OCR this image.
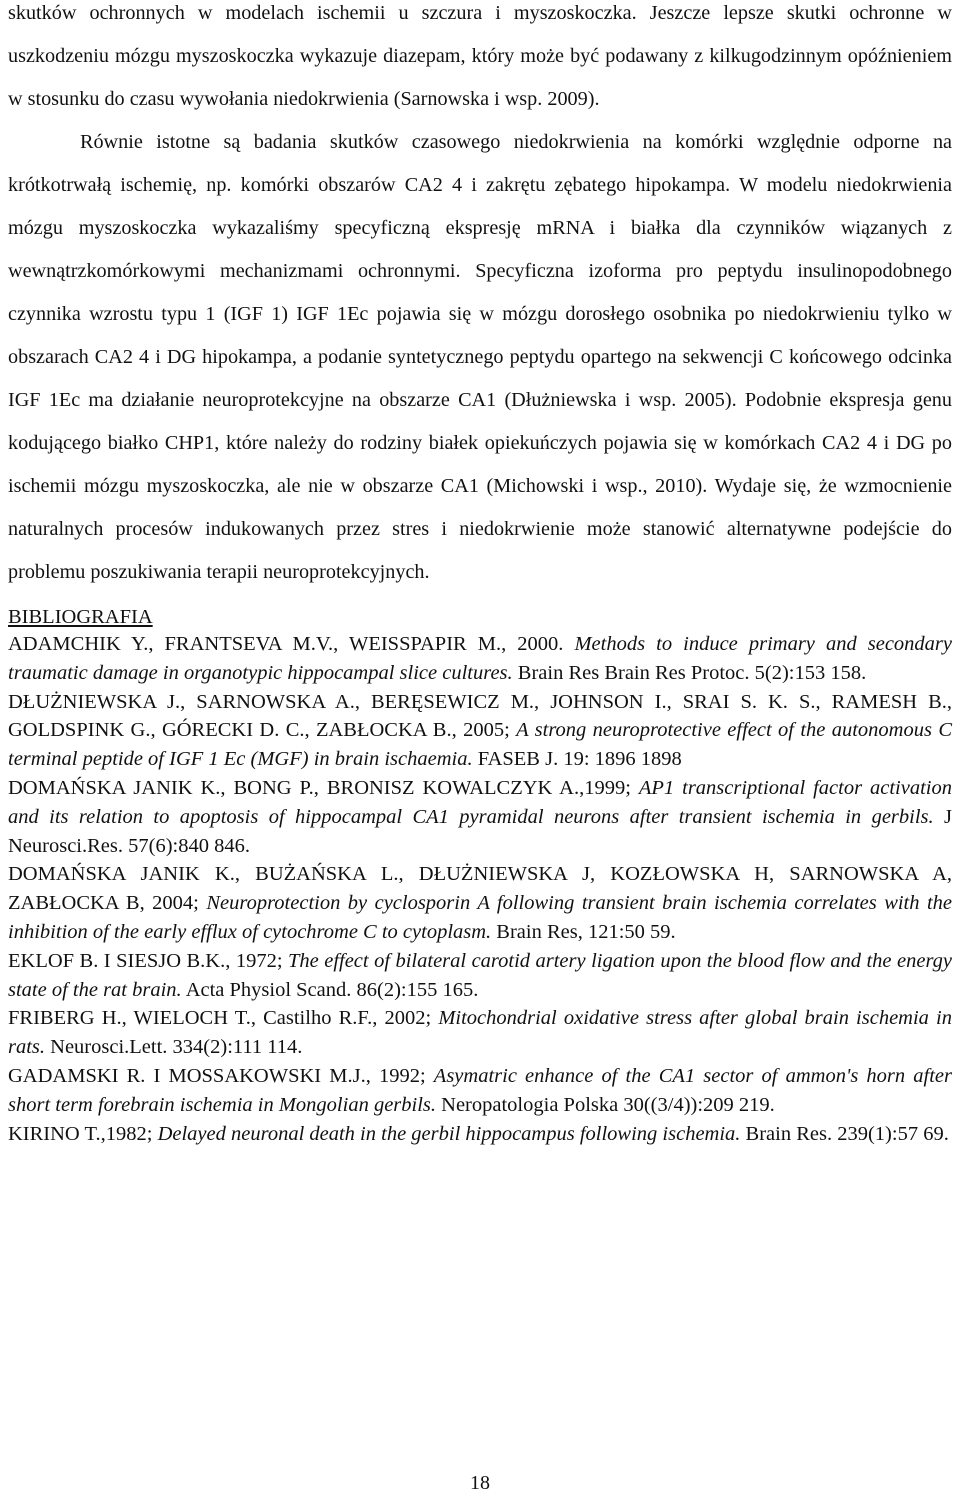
skutków ochronnych w modelach ischemii u szczura i myszoskoczka. Jeszcze lepsze skutki ochronne w uszkodzeniu mózgu myszoskoczka wykazuje diazepam, który może być podawany z kilkugodzinnym opóźnieniem w stosunku do czasu wywołania niedokrwienia (Sarnowska i wsp. 2009).

Równie istotne są badania skutków czasowego niedokrwienia na komórki względnie odporne na krótkotrwałą ischemię, np. komórki obszarów CA2 4 i zakrętu zębatego hipokampa. W modelu niedokrwienia mózgu myszoskoczka wykazaliśmy specyficzną ekspresję mRNA i białka dla czynników wiązanych z wewnątrzkomórkowymi mechanizmami ochronnymi. Specyficzna izoforma pro peptydu insulinopodobnego czynnika wzrostu typu 1 (IGF 1) IGF 1Ec pojawia się w mózgu dorosłego osobnika po niedokrwieniu tylko w obszarach CA2 4 i DG hipokampa, a podanie syntetycznego peptydu opartego na sekwencji C końcowego odcinka IGF 1Ec ma działanie neuroprotekcyjne na obszarze CA1 (Dłużniewska i wsp. 2005). Podobnie ekspresja genu kodującego białko CHP1, które należy do rodziny białek opiekuńczych pojawia się w komórkach CA2 4 i DG po ischemii mózgu myszoskoczka, ale nie w obszarze CA1 (Michowski i wsp., 2010). Wydaje się, że wzmocnienie naturalnych procesów indukowanych przez stres i niedokrwienie może stanowić alternatywne podejście do problemu poszukiwania terapii neuroprotekcyjnych.

BIBLIOGRAFIA

ADAMCHIK Y., FRANTSEVA M.V., WEISSPAPIR M., 2000. Methods to induce primary and secondary traumatic damage in organotypic hippocampal slice cultures. Brain Res Brain Res Protoc. 5(2):153 158.

DŁUŻNIEWSKA J., SARNOWSKA A., BERĘSEWICZ M., JOHNSON I., SRAI S. K. S., RAMESH B., GOLDSPINK G., GÓRECKI D. C., ZABŁOCKA B., 2005; A strong neuroprotective effect of the autonomous C terminal peptide of IGF 1 Ec (MGF) in brain ischaemia. FASEB J. 19: 1896 1898

DOMAŃSKA JANIK K., BONG P., BRONISZ KOWALCZYK A.,1999; AP1 transcriptional factor activation and its relation to apoptosis of hippocampal CA1 pyramidal neurons after transient ischemia in gerbils. J Neurosci.Res. 57(6):840 846.

DOMAŃSKA JANIK K., BUŻAŃSKA L., DŁUŻNIEWSKA J, KOZŁOWSKA H, SARNOWSKA A, ZABŁOCKA B, 2004; Neuroprotection by cyclosporin A following transient brain ischemia correlates with the inhibition of the early efflux of cytochrome C to cytoplasm. Brain Res, 121:50 59.

EKLOF B. I SIESJO B.K., 1972; The effect of bilateral carotid artery ligation upon the blood flow and the energy state of the rat brain. Acta Physiol Scand. 86(2):155 165.

FRIBERG H., WIELOCH T., Castilho R.F., 2002; Mitochondrial oxidative stress after global brain ischemia in rats. Neurosci.Lett. 334(2):111 114.

GADAMSKI R. I MOSSAKOWSKI M.J., 1992; Asymatric enhance of the CA1 sector of ammon's horn after short term forebrain ischemia in Mongolian gerbils. Neropatologia Polska 30((3/4)):209 219.

KIRINO T.,1982; Delayed neuronal death in the gerbil hippocampus following ischemia. Brain Res. 239(1):57 69.

18
